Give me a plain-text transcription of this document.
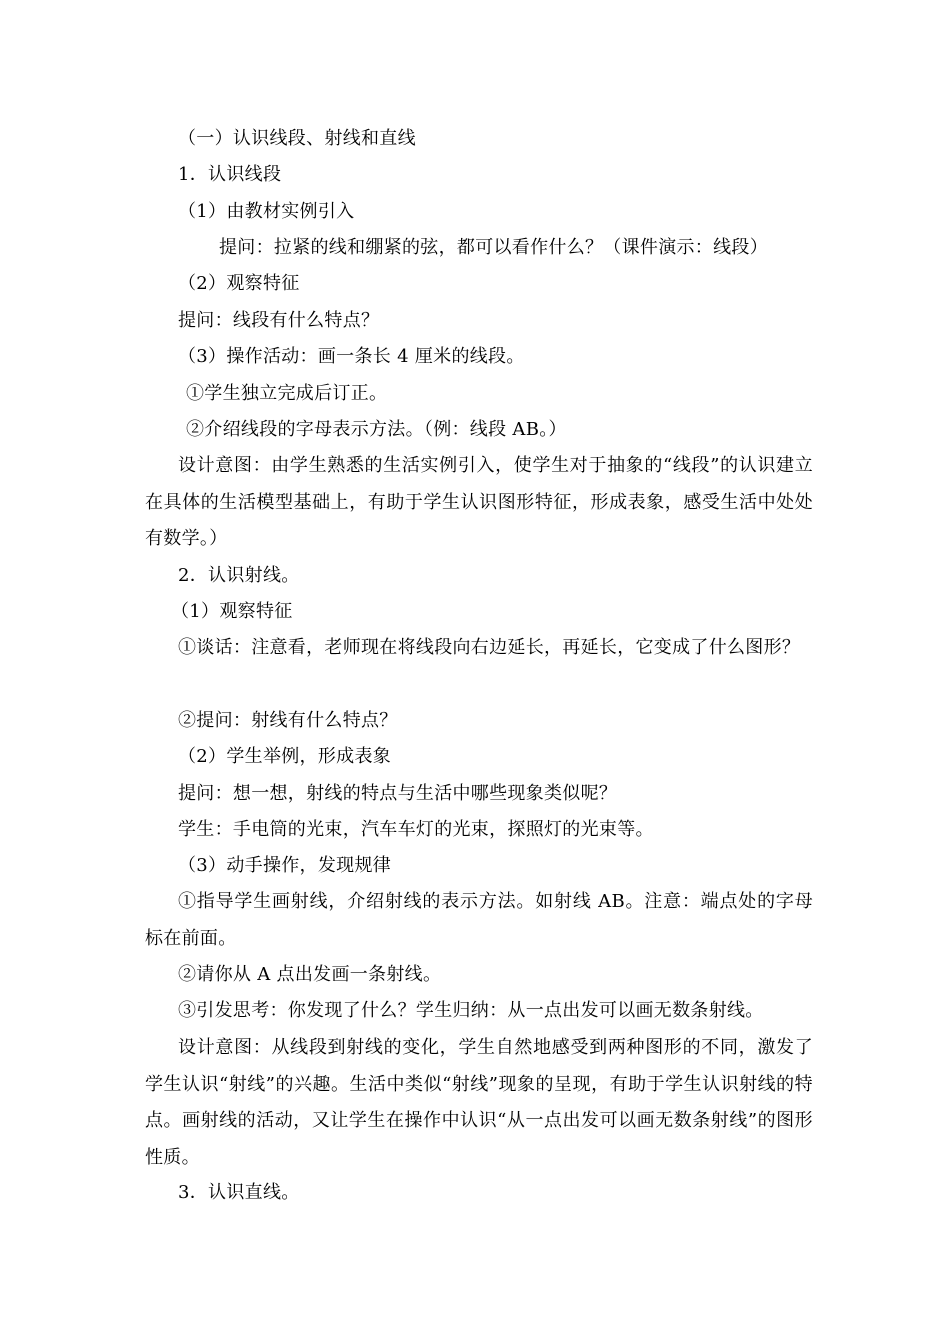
（一）认识线段、射线和直线
1．认识线段
（1）由教材实例引入
提问：拉紧的线和绷紧的弦，都可以看作什么？（课件演示：线段）
（2）观察特征
提问：线段有什么特点？
（3）操作活动：画一条长 4 厘米的线段。
①学生独立完成后订正。
②介绍线段的字母表示方法。（例：线段 AB。）
设计意图：由学生熟悉的生活实例引入，使学生对于抽象的“线段”的认识建立在具体的生活模型基础上，有助于学生认识图形特征，形成表象，感受生活中处处有数学。）
2．认识射线。
（1）观察特征
①谈话：注意看，老师现在将线段向右边延长，再延长，它变成了什么图形？
②提问：射线有什么特点？
（2）学生举例，形成表象
提问：想一想，射线的特点与生活中哪些现象类似呢？
学生：手电筒的光束，汽车车灯的光束，探照灯的光束等。
（3）动手操作，发现规律
①指导学生画射线，介绍射线的表示方法。如射线 AB。注意：端点处的字母标在前面。
②请你从 A 点出发画一条射线。
③引发思考：你发现了什么？学生归纳：从一点出发可以画无数条射线。
设计意图：从线段到射线的变化，学生自然地感受到两种图形的不同，激发了学生认识“射线”的兴趣。生活中类似“射线”现象的呈现，有助于学生认识射线的特点。画射线的活动，又让学生在操作中认识“从一点出发可以画无数条射线”的图形性质。
3．认识直线。
